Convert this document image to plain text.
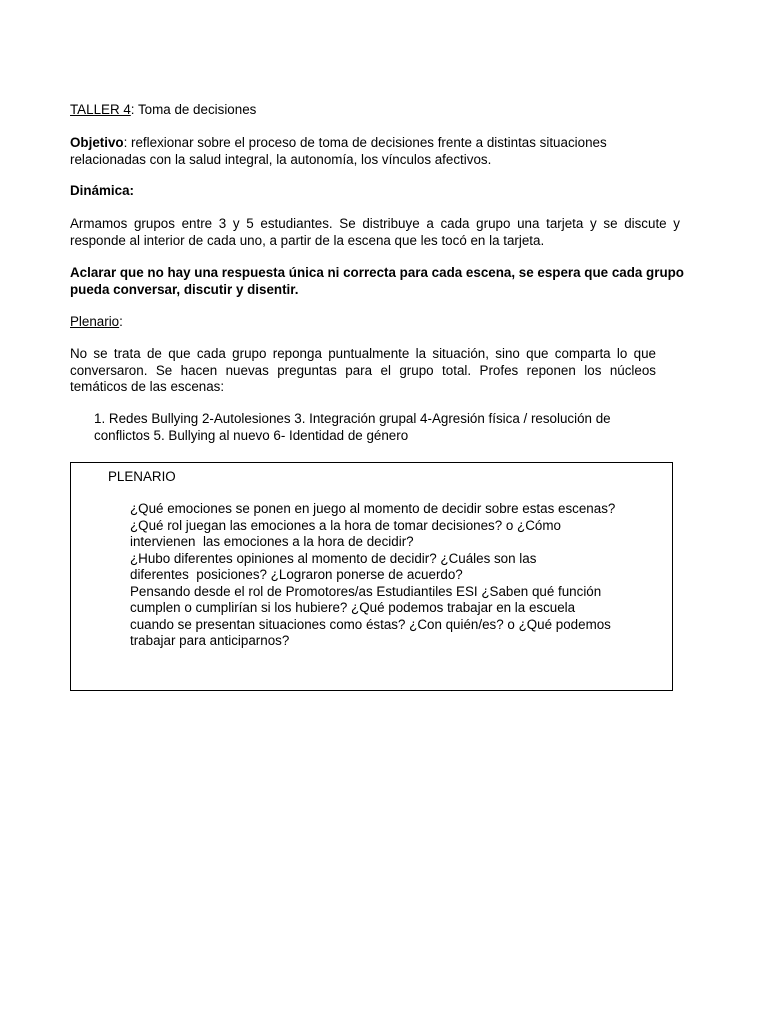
TALLER 4: Toma de decisiones

Objetivo: reflexionar sobre el proceso de toma de decisiones frente a distintas situaciones relacionadas con la salud integral, la autonomía, los vínculos afectivos.

Dinámica:

Armamos grupos entre 3 y 5 estudiantes. Se distribuye a cada grupo una tarjeta y se discute y responde al interior de cada uno, a partir de la escena que les tocó en la tarjeta.

Aclarar que no hay una respuesta única ni correcta para cada escena, se espera que cada grupo pueda conversar, discutir y disentir.

Plenario:

No se trata de que cada grupo reponga puntualmente la situación, sino que comparta lo que conversaron. Se hacen nuevas preguntas para el grupo total. Profes reponen los núcleos temáticos de las escenas:

1. Redes Bullying 2-Autolesiones 3. Integración grupal 4-Agresión física / resolución de conflictos 5. Bullying al nuevo 6- Identidad de género

PLENARIO

¿Qué emociones se ponen en juego al momento de decidir sobre estas escenas?

¿Qué rol juegan las emociones a la hora de tomar decisiones? o ¿Cómo

intervienen  las emociones a la hora de decidir?

¿Hubo diferentes opiniones al momento de decidir? ¿Cuáles son las

diferentes  posiciones? ¿Lograron ponerse de acuerdo?

Pensando desde el rol de Promotores/as Estudiantiles ESI ¿Saben qué función

cumplen o cumplirían si los hubiere? ¿Qué podemos trabajar en la escuela

cuando se presentan situaciones como éstas? ¿Con quién/es? o ¿Qué podemos

trabajar para anticiparnos?
